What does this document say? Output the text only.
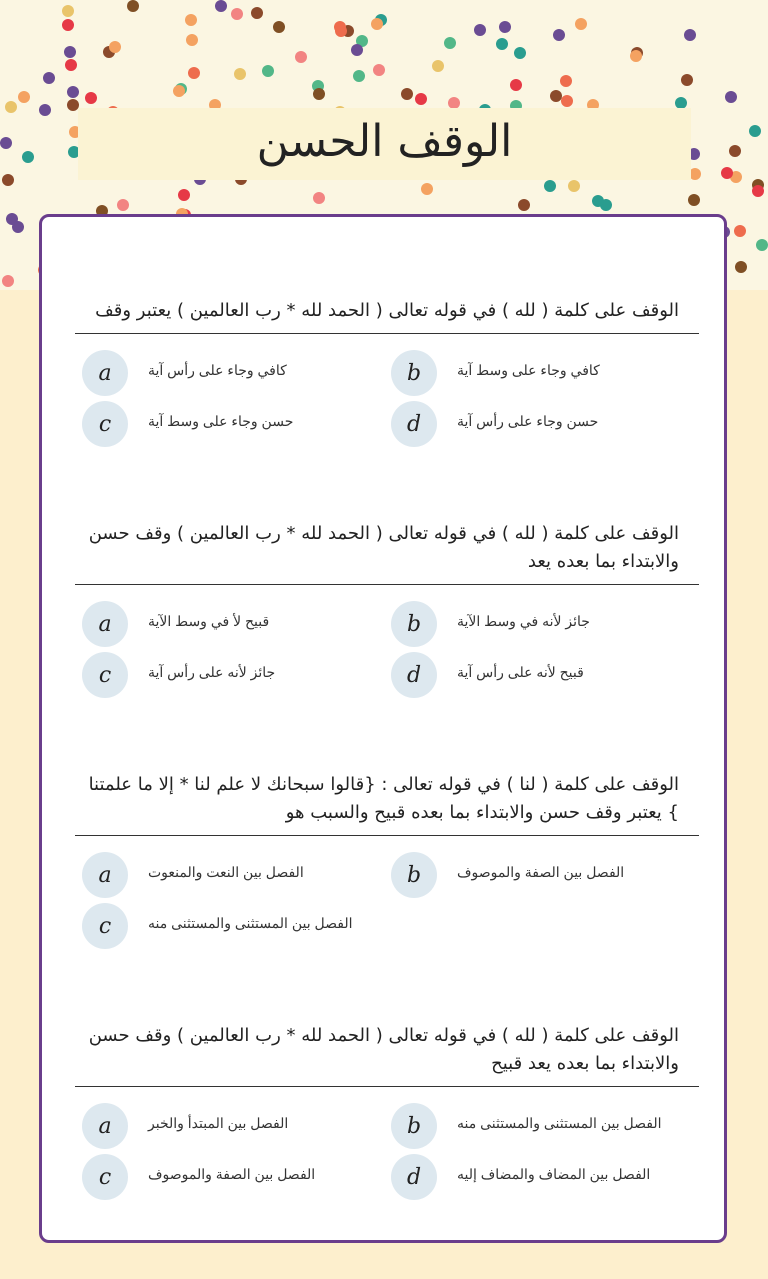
الوقف الحسن
الوقف على كلمة ( لله ) في قوله تعالى ( الحمد لله * رب العالمين ) يعتبر وقف
a	كافي وجاء على رأس آية	b	كافي وجاء على وسط آية
c	حسن وجاء على وسط آية	d	حسن وجاء على رأس آية
الوقف على كلمة ( لله ) في قوله تعالى ( الحمد لله * رب العالمين ) وقف حسن والابتداء بما بعده يعد
a	قبيح لأ في وسط الآية	b	جائز لأنه في وسط الآية
c	جائز لأنه على رأس آية	d	قبيح لأنه على رأس آية
الوقف على كلمة ( لنا ) في قوله تعالى : {قالوا سبحانك لا علم لنا * إلا ما علمتنا } يعتبر وقف حسن والابتداء بما بعده قبيح والسبب هو
a	الفصل بين النعت والمنعوت	b	الفصل بين الصفة والموصوف
c	الفصل بين المستثنى والمستثنى منه
الوقف على كلمة ( لله ) في قوله تعالى ( الحمد لله * رب العالمين ) وقف حسن والابتداء بما بعده يعد قبيح
a	الفصل بين المبتدأ والخبر	b	الفصل بين المستثنى والمستثنى منه
c	الفصل بين الصفة والموصوف	d	الفصل بين المضاف والمضاف إليه
